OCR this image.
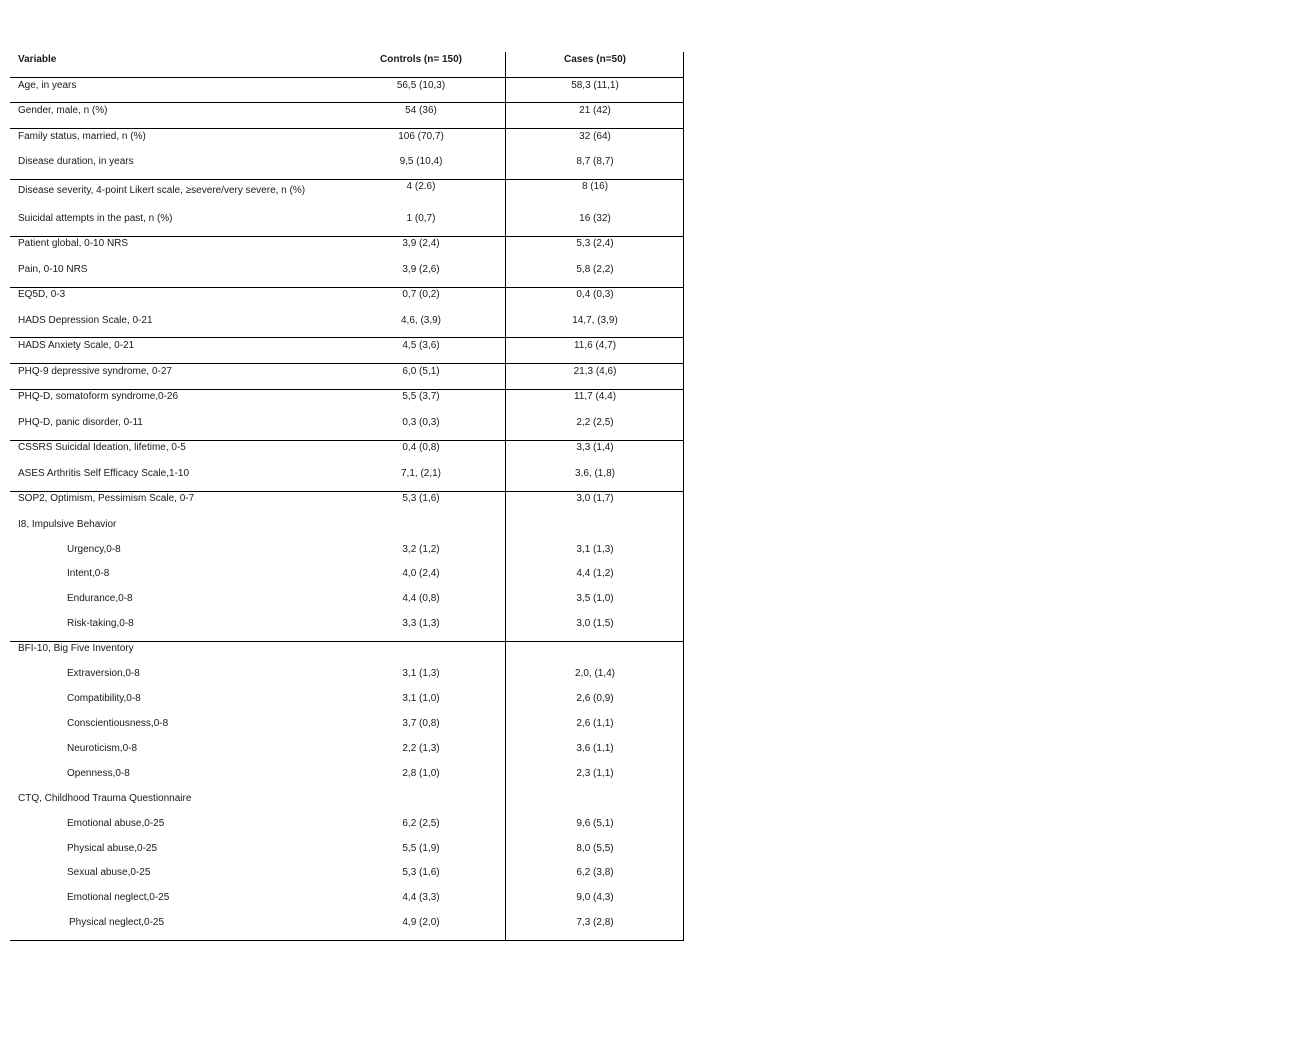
Variable	Controls (n= 150)	Cases (n=50)
Age, in years	56,5 (10,3)	58,3 (11,1)
Gender, male, n (%)	54 (36)	21 (42)
Family status, married, n (%)	106 (70,7)	32 (64)
Disease duration, in years	9,5 (10,4)	8,7 (8,7)
Disease severity, 4-point Likert scale, ≥severe/very severe, n (%)	4 (2.6)	8 (16)
Suicidal attempts in the past, n (%)	1 (0,7)	16 (32)
Patient global, 0-10 NRS	3,9 (2,4)	5,3 (2,4)
Pain, 0-10 NRS	3,9 (2,6)	5,8 (2,2)
EQ5D, 0-3	0,7 (0,2)	0,4 (0,3)
HADS Depression Scale, 0-21	4,6, (3,9)	14,7, (3,9)
HADS Anxiety Scale, 0-21	4,5 (3,6)	11,6 (4,7)
PHQ-9 depressive syndrome, 0-27	6,0 (5,1)	21,3 (4,6)
PHQ-D, somatoform syndrome,0-26	5,5 (3,7)	11,7 (4,4)
PHQ-D, panic disorder, 0-11	0,3 (0,3)	2,2 (2,5)
CSSRS Suicidal Ideation, lifetime, 0-5	0,4 (0,8)	3,3 (1,4)
ASES Arthritis Self Efficacy Scale,1-10	7,1, (2,1)	3,6, (1,8)
SOP2, Optimism, Pessimism Scale, 0-7	5,3 (1,6)	3,0 (1,7)
I8, Impulsive Behavior
Urgency,0-8	3,2 (1,2)	3,1 (1,3)
Intent,0-8	4,0 (2,4)	4,4 (1,2)
Endurance,0-8	4,4 (0,8)	3,5 (1,0)
Risk-taking,0-8	3,3 (1,3)	3,0 (1,5)
BFI-10, Big Five Inventory
Extraversion,0-8	3,1 (1,3)	2,0, (1,4)
Compatibility,0-8	3,1 (1,0)	2,6 (0,9)
Conscientiousness,0-8	3,7 (0,8)	2,6 (1,1)
Neuroticism,0-8	2,2 (1,3)	3,6 (1,1)
Openness,0-8	2,8 (1,0)	2,3 (1,1)
CTQ, Childhood Trauma Questionnaire
Emotional abuse,0-25	6,2 (2,5)	9,6 (5,1)
Physical abuse,0-25	5,5 (1,9)	8,0 (5,5)
Sexual abuse,0-25	5,3 (1,6)	6,2 (3,8)
Emotional neglect,0-25	4,4 (3,3)	9,0 (4,3)
Physical neglect,0-25	4,9 (2,0)	7,3 (2,8)
